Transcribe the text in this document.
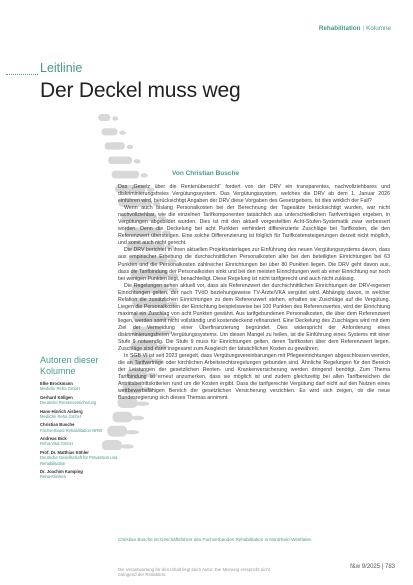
Rehabilitation | Kolumne
Leitlinie
Der Deckel muss weg
Von Christian Busche

Das „Gesetz über die Rentenübersicht“ fordert von der DRV ein transparentes, nachvollziehbares und diskriminierungsfreies Vergütungssystem. Das Vergütungssystem, welches die DRV ab dem 1. Januar 2026 einführen wird, berücksichtigt Angaben der DRV diese Vorgaben des Gesetzgebers. Ist dies wirklich der Fall?

Wenn auch bislang Personalkosten bei der Berechnung der Tagesätze berücksichtigt wurden, war nicht nachvollziehbar, wie die einzelnen Tarifkomponenten tatsächlich aus unterschiedlichen Tarifverträgen ergeben, in Vergütungen abgebildet wurden. Dies ist mit den aktuell vorgestellten Acht-Stufen-Systematik zwar verbessert worden. Denn die Deckelung bei acht Punkten verhindert differenzierte Zuschläge bei Tarifkosten, die den Referenzwert übersteigen. Eine solche Differenzierung ist folglich für Tarifkostensteigerungen derzeit nicht möglich, und somit auch nicht gerecht.

Die DRV berichtet in ihren aktuellen Projektunterlagen zur Einführung des neuen Vergütungssystems davon, dass aus empirischer Erhebung die durchschnittlichen Personalkosten aller bei den beteiligten Einrichtungen bei 63 Punkten und die Personalkosten zahlreicher Einrichtungen bei über 80 Punkten liegen. Die DRV geht davon aus, dass die Tarifbindung der Personalkosten sinkt und bei den meisten Einrichtungen weit ab einer Einrichtung nur noch bei wenigen Punkten liegt, benachteiligt. Diese Regelung ist nicht tarifgerecht und auch nicht zulässig.

Die Regelungen sehen aktuell vor, dass als Referenzwert der durchschnittlichen Einrichtungen der DRV-eigenen Einrichtungen gelten, der nach TVöD beziehungsweise TV-Ärzte/VKA vergütet wird. Abhängig davon, in welcher Relation die zusätzlichen Einrichtungen zu dem Referenzwert stehen, erhalten sie Zuschläge auf die Vergütung. Liegen die Personalkosten der Einrichtung beispielsweise bei 100 Punkten des Referenzwertes, wird der Einrichtung maximal ein Zuschlag von acht Punkten gewährt. Aus tarifgebundenen Personalkosten, die über dem Referenzwert liegen, werden somit nicht vollständig und kostendeckend refinanziert. Eine Deckelung des Zuschlages wird mit dem Ziel der Vermeidung einer Überfinanzierung begründet. Dies widerspricht der Anforderung eines diskriminierungsfreien Vergütungssystems. Um diesen Mangel zu heilen, ist die Einführung eines Systems mit einer Stufe 9 notwendig. Die Stufe 9 muss für Einrichtungen gelten, deren Tarifkosten über dem Referenzwert liegen. Zuschläge sind dann insgesamt zum Ausgleich der tatsächlichen Kosten zu gewähren.

In SGB VI ist seit 2023 geregelt, dass Vergütungsvereinbarungen mit Pflegeeinrichtungen abgeschlossen werden, die an Tarifverträge oder kirchlichen Arbeitsrechtsregelungen gebunden sind. Ähnliche Regelungen für den Bereich der Leistungen der gesetzlichen Renten- und Krankenversicherung werden dringend benötigt. Zum Thema Tarifbindung ist erneut anzumerken, dass sie möglich ist und zudem gleichzeitig bei allen Tarifbereichen die Antrittsbeitrittskriterien rund um die Kosten ergibt. Dass die tarifgerechte Vergütung darf nicht auf den Nutzen eines wettbewerbsfähigen Bereich der gesetzlichen Versicherung verzichten. Es wird sich zeigen, ob die neue Bundesregierung sich dieses Themas annimmt.

Christian Busche ist Geschäftsführer des Fachverbandes Rehabilitation in Nordrhein-Westfalen
Autoren dieser
Kolumne
Elke Brockmann
Mediclin Reha GmbH
Gerhard Köllgen
Deutsche Rentenversicherung
Hans-Hinrich Aisberg
MediClin Reha GmbH
Christian Busche
Fachverband Rehabilitation NRW
Andreas Bick
Reha-Vital GmbH
Prof. Dr. Matthias Köhler
Deutsche Gesellschaft für Prävention und Rehabilitation
Dr. Joachim Kamping
Reha-Kliniken
Die Verantwortung für den Inhalt liegt beim Autor. Die Meinung entspricht nicht zwingend der Redaktion.
f&w 9/2025 | 783
